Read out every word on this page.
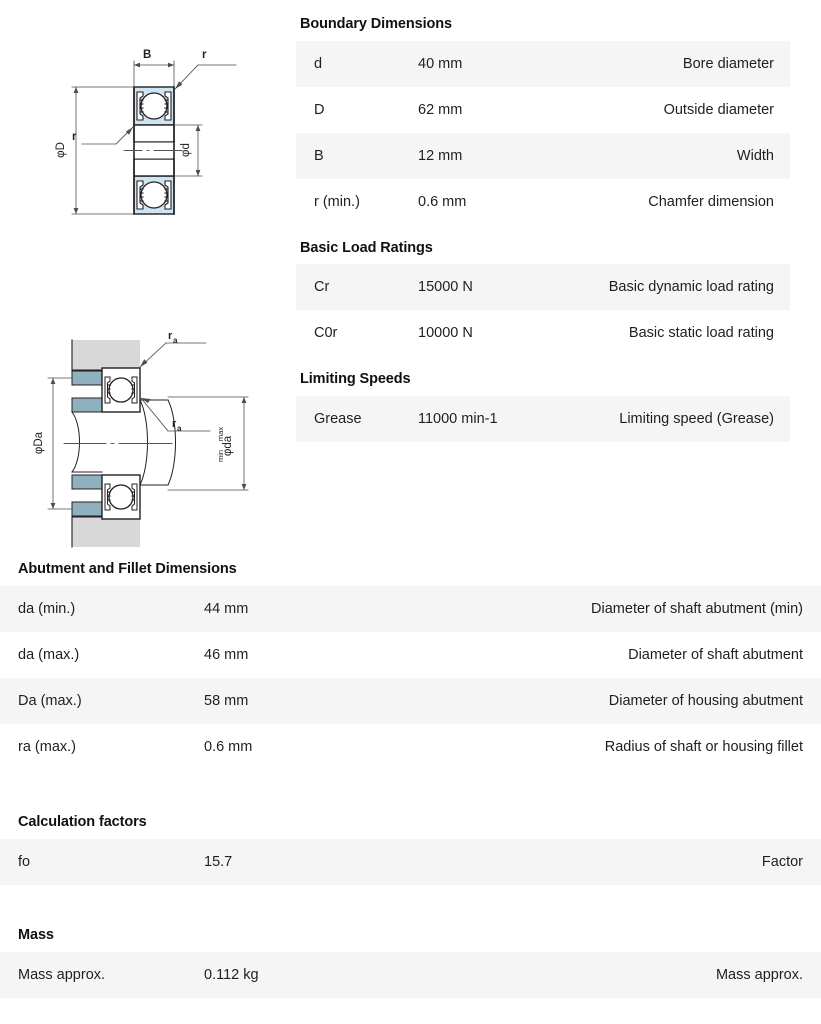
B	r
r
φD	φd
r a
r a
φDa	φda
max
min
Boundary Dimensions
d	40 mm	Bore diameter
D	62 mm	Outside diameter
B	12 mm	Width
r (min.)	0.6 mm	Chamfer dimension
Basic Load Ratings
Cr	15000 N	Basic dynamic load rating
C0r	10000 N	Basic static load rating
Limiting Speeds
Grease	11000 min-1	Limiting speed (Grease)
Abutment and Fillet Dimensions
da (min.)	44 mm	Diameter of shaft abutment (min)
da (max.)	46 mm	Diameter of shaft abutment
Da (max.)	58 mm	Diameter of housing abutment
ra (max.)	0.6 mm	Radius of shaft or housing fillet
Calculation factors
fo	15.7	Factor
Mass
Mass approx.	0.112 kg	Mass approx.
